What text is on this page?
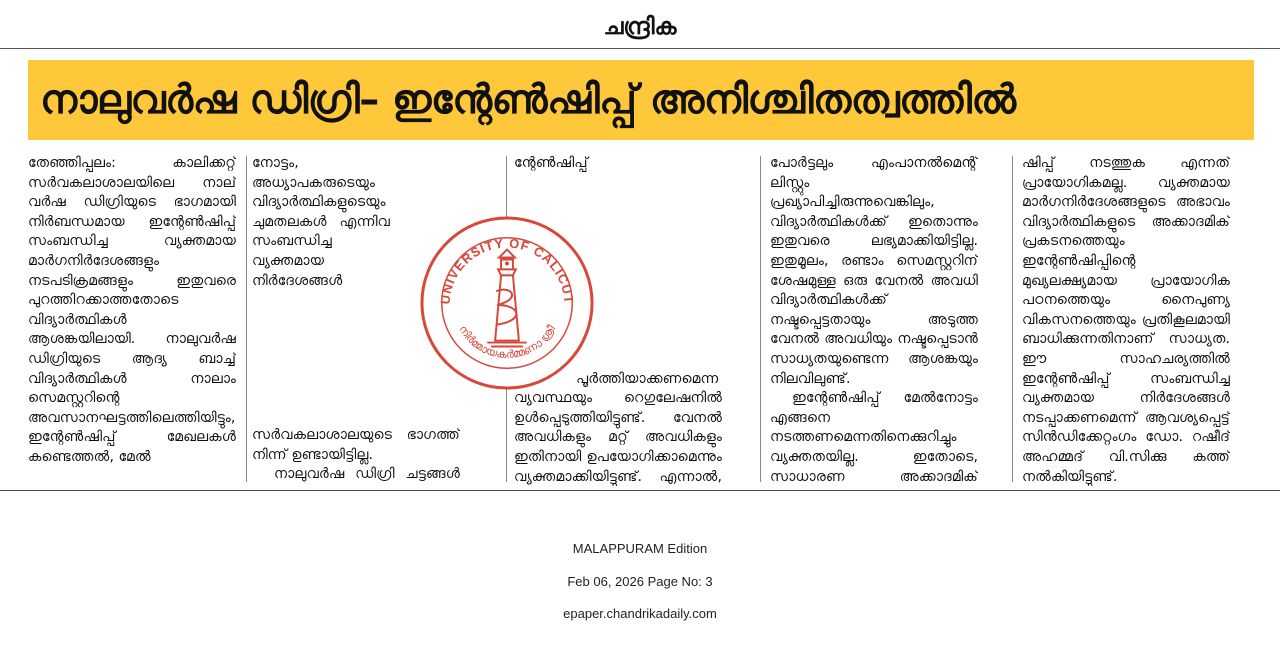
ചന്ദ്രിക
നാലുവർഷ ഡിഗ്രി– ഇന്റേൺഷിപ്പ് അനിശ്ചിതത്വത്തിൽ

തേഞ്ഞിപ്പലം: കാലിക്കറ്റ് സർവകലാശാലയിലെ നാല് വർഷ ഡിഗ്രിയുടെ ഭാഗമായി നിർബന്ധമായ ഇന്റേൺഷിപ്പ് സംബന്ധിച്ച വ്യക്തമായ മാർഗനിർദേശങ്ങളും നടപടിക്രമങ്ങളും ഇതുവരെ പുറത്തിറക്കാത്തതോടെ വിദ്യാർത്ഥികൾ ആശങ്കയിലായി. നാലുവർഷ ഡിഗ്രിയുടെ ആദ്യ ബാച്ച് വിദ്യാർത്ഥികൾ നാലാം സെമസ്റ്ററിന്റെ അവസാനഘട്ടത്തിലെത്തിയിട്ടും, ഇന്റേൺഷിപ്പ് മേഖലകൾ കണ്ടെത്തൽ, മേൽ

നോട്ടം, അധ്യാപകരുടെയും വിദ്യാർത്ഥികളുടെയും ചുമതലകൾ എന്നിവ സംബന്ധിച്ച വ്യക്തമായ നിർദേശങ്ങൾ സർവകലാശാലയുടെ ഭാഗത്ത് നിന്ന് ഉണ്ടായിട്ടില്ല.

നാലുവർഷ ഡിഗ്രി ചട്ടങ്ങൾ

ന്റേൺഷിപ്പ് പൂർത്തിയാക്കണമെന്ന വ്യവസ്ഥയും റെഗുലേഷനിൽ ഉൾപ്പെടുത്തിയിട്ടുണ്ട്. വേനൽ അവധികളും മറ്റ് അവധികളും ഇതിനായി ഉപയോഗിക്കാമെന്നും വ്യക്തമാക്കിയിട്ടുണ്ട്. എന്നാൽ,

പോർട്ടലും എംപാനൽമെന്റ് ലിസ്റ്റും പ്രഖ്യാപിച്ചിരുന്നുവെങ്കിലും, വിദ്യാർത്ഥികൾക്ക് ഇതൊന്നും ഇതുവരെ ലഭ്യമാക്കിയിട്ടില്ല. ഇതുമൂലം, രണ്ടാം സെമസ്റ്ററിന് ശേഷമുള്ള ഒരു വേനൽ അവധി വിദ്യാർത്ഥികൾക്ക് നഷ്ടപ്പെട്ടതായും അടുത്ത വേനൽ അവധിയും നഷ്ടപ്പെടാൻ സാധ്യതയുണ്ടെന്ന ആശങ്കയും നിലവിലുണ്ട്.

ഇന്റേൺഷിപ്പ് മേൽനോട്ടം എങ്ങനെ നടത്തണമെന്നതിനെക്കുറിച്ചും വ്യക്തതയില്ല. ഇതോടെ, സാധാരണ അക്കാദമിക്

ഷിപ്പ് നടത്തുക എന്നത് പ്രായോഗികമല്ല. വ്യക്തമായ മാർഗനിർദേശങ്ങളുടെ അഭാവം വിദ്യാർത്ഥികളുടെ അക്കാദമിക് പ്രകടനത്തെയും ഇന്റേൺഷിപ്പിന്റെ മുഖ്യലക്ഷ്യമായ പ്രായോഗിക പഠനത്തെയും നൈപുണ്യ വികസനത്തെയും പ്രതികൂലമായി ബാധിക്കുന്നതിനാണ് സാധ്യത. ഈ സാഹചര്യത്തിൽ ഇന്റേൺഷിപ്പ് സംബന്ധിച്ച വ്യക്തമായ നിർദേശങ്ങൾ നടപ്പാക്കണമെന്ന് ആവശ്യപ്പെട്ട് സിൻഡിക്കേറ്റംഗം ഡോ. റഷീദ് അഹമ്മദ് വി.സിക്കു കത്ത് നൽകിയിട്ടുണ്ട്.

UNIVERSITY OF CALICUT
നിർമ്മായകർമ്മണാ ശ്രീ
MALAPPURAM Edition
Feb 06, 2026 Page No: 3
epaper.chandrikadaily.com
